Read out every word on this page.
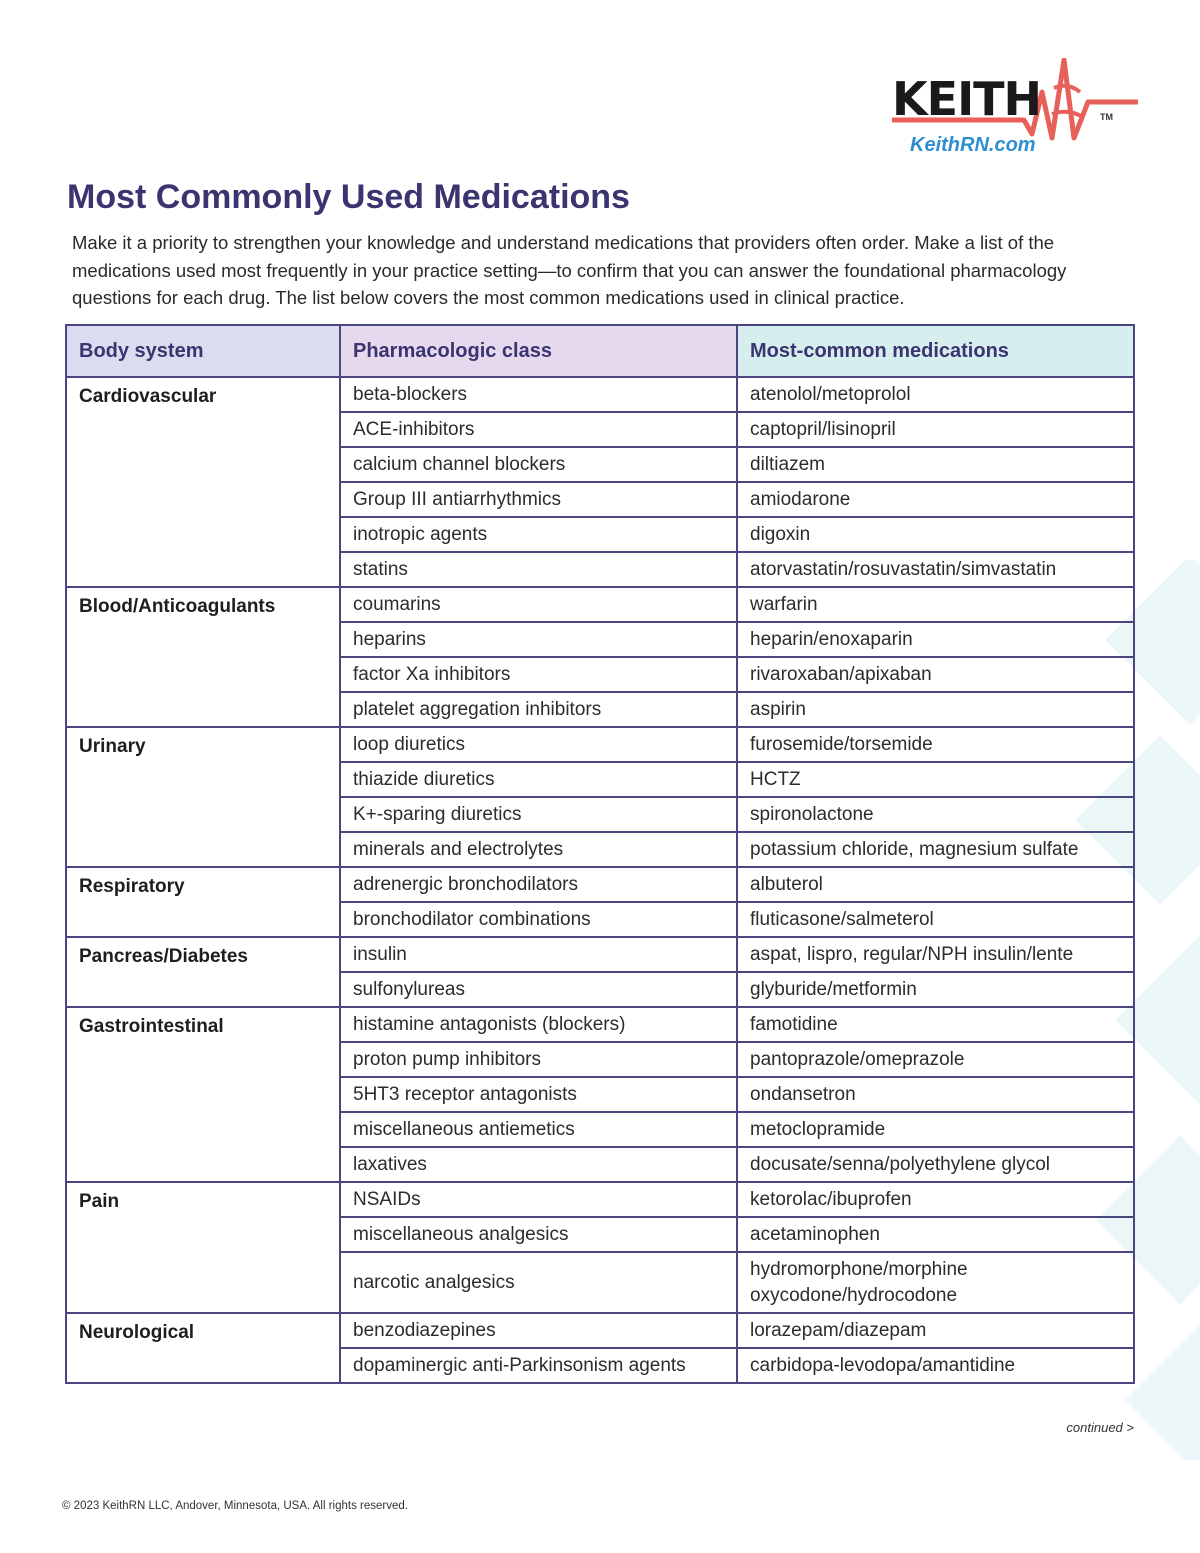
KEITH	TM
KeithRN.com
Most Commonly Used Medications

Make it a priority to strengthen your knowledge and understand medications that providers often order. Make a list of the medications used most frequently in your practice setting—to confirm that you can answer the foundational pharmacology questions for each drug. The list below covers the most common medications used in clinical practice.

Body system	Pharmacologic class	Most-common medications
Cardiovascular	beta-blockers	atenolol/metoprolol
	ACE-inhibitors	captopril/lisinopril
	calcium channel blockers	diltiazem
	Group III antiarrhythmics	amiodarone
	inotropic agents	digoxin
	statins	atorvastatin/rosuvastatin/simvastatin
Blood/Anticoagulants	coumarins	warfarin
	heparins	heparin/enoxaparin
	factor Xa inhibitors	rivaroxaban/apixaban
	platelet aggregation inhibitors	aspirin
Urinary	loop diuretics	furosemide/torsemide
	thiazide diuretics	HCTZ
	K+-sparing diuretics	spironolactone
	minerals and electrolytes	potassium chloride, magnesium sulfate
Respiratory	adrenergic bronchodilators	albuterol
	bronchodilator combinations	fluticasone/salmeterol
Pancreas/Diabetes	insulin	aspat, lispro, regular/NPH insulin/lente
	sulfonylureas	glyburide/metformin
Gastrointestinal	histamine antagonists (blockers)	famotidine
	proton pump inhibitors	pantoprazole/omeprazole
	5HT3 receptor antagonists	ondansetron
	miscellaneous antiemetics	metoclopramide
	laxatives	docusate/senna/polyethylene glycol
Pain	NSAIDs	ketorolac/ibuprofen
	miscellaneous analgesics	acetaminophen
	narcotic analgesics	hydromorphone/morphine
oxycodone/hydrocodone

Neurological	benzodiazepines	lorazepam/diazepam
	dopaminergic anti-Parkinsonism agents	carbidopa-levodopa/amantidine
continued >
© 2023 KeithRN LLC, Andover, Minnesota, USA. All rights reserved.
